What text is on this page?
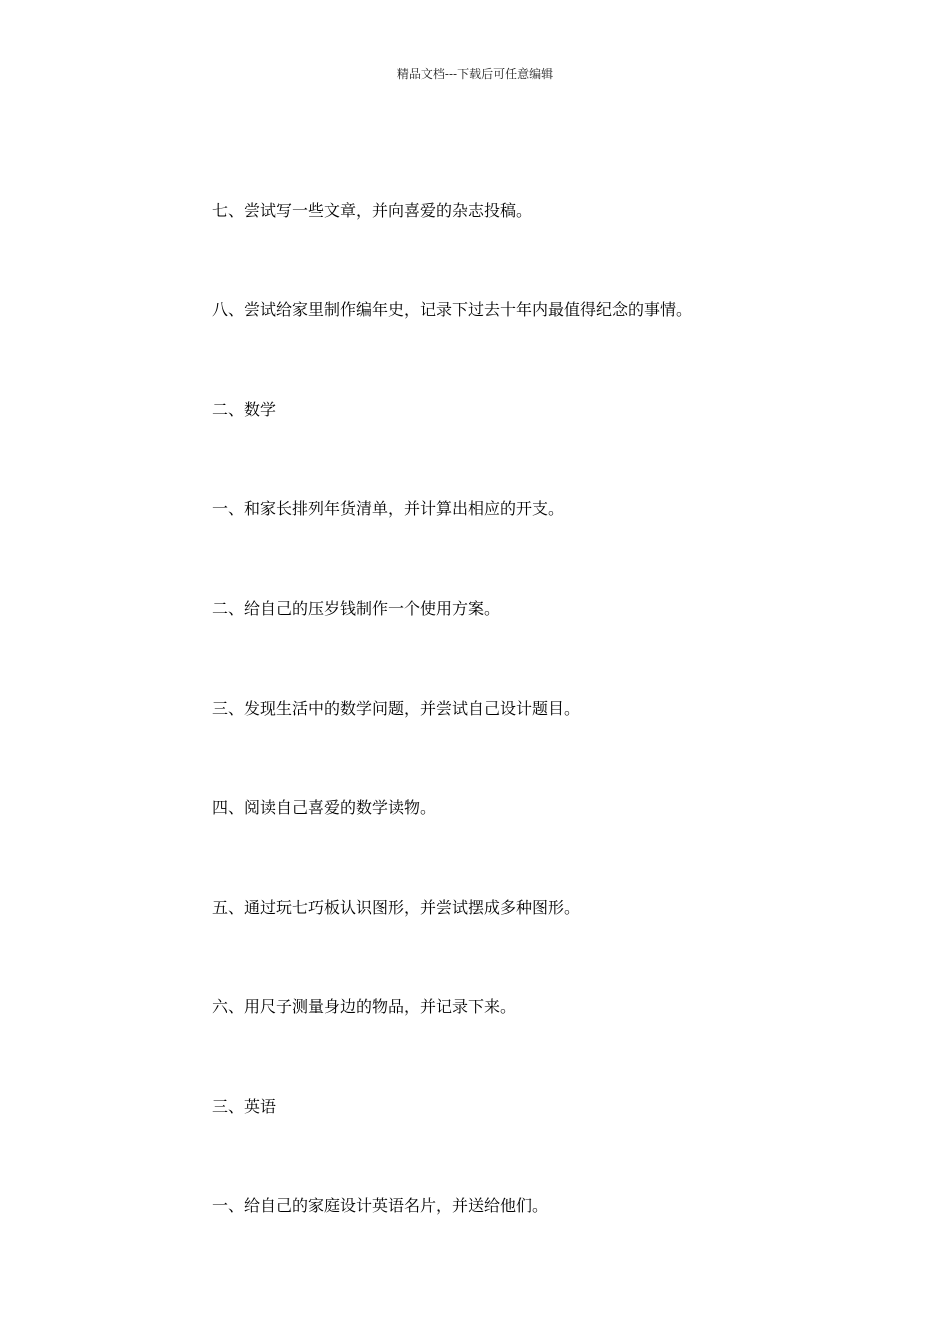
精品文档---下载后可任意编辑
七、尝试写一些文章，并向喜爱的杂志投稿。
八、尝试给家里制作编年史，记录下过去十年内最值得纪念的事情。
二、数学
一、和家长排列年货清单，并计算出相应的开支。
二、给自己的压岁钱制作一个使用方案。
三、发现生活中的数学问题，并尝试自己设计题目。
四、阅读自己喜爱的数学读物。
五、通过玩七巧板认识图形，并尝试摆成多种图形。
六、用尺子测量身边的物品，并记录下来。
三、英语
一、给自己的家庭设计英语名片，并送给他们。
